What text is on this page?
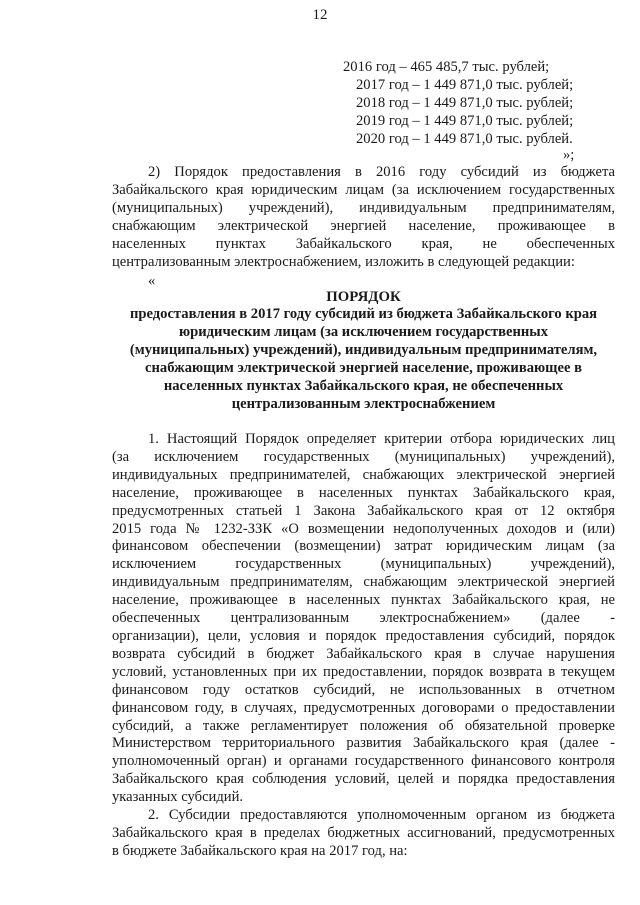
12
2016 год – 465 485,7 тыс. рублей;
2017 год – 1 449 871,0 тыс. рублей;
2018 год – 1 449 871,0 тыс. рублей;
2019 год – 1 449 871,0 тыс. рублей;
2020 год – 1 449 871,0 тыс. рублей.
»;
2) Порядок предоставления в 2016 году субсидий из бюджета
Забайкальского края юридическим лицам (за исключением государственных
(муниципальных) учреждений), индивидуальным предпринимателям,
снабжающим электрической энергией население, проживающее в
населенных пунктах Забайкальского края, не обеспеченных
централизованным электроснабжением, изложить в следующей редакции:
«
ПОРЯДОК
предоставления в 2017 году субсидий из бюджета Забайкальского края
юридическим лицам (за исключением государственных
(муниципальных) учреждений), индивидуальным предпринимателям,
снабжающим электрической энергией население, проживающее в
населенных пунктах Забайкальского края, не обеспеченных
централизованным электроснабжением
1. Настоящий Порядок определяет критерии отбора юридических лиц
(за исключением государственных (муниципальных) учреждений),
индивидуальных предпринимателей, снабжающих электрической энергией
население, проживающее в населенных пунктах Забайкальского края,
предусмотренных статьей 1 Закона Забайкальского края от 12 октября
2015 года № 1232-ЗЗК «О возмещении недополученных доходов и (или)
финансовом обеспечении (возмещении) затрат юридическим лицам (за
исключением государственных (муниципальных) учреждений),
индивидуальным предпринимателям, снабжающим электрической энергией
население, проживающее в населенных пунктах Забайкальского края, не
обеспеченных централизованным электроснабжением» (далее -
организации), цели, условия и порядок предоставления субсидий, порядок
возврата субсидий в бюджет Забайкальского края в случае нарушения
условий, установленных при их предоставлении, порядок возврата в текущем
финансовом году остатков субсидий, не использованных в отчетном
финансовом году, в случаях, предусмотренных договорами о предоставлении
субсидий, а также регламентирует положения об обязательной проверке
Министерством территориального развития Забайкальского края (далее -
уполномоченный орган) и органами государственного финансового контроля
Забайкальского края соблюдения условий, целей и порядка предоставления
указанных субсидий.
2. Субсидии предоставляются уполномоченным органом из бюджета
Забайкальского края в пределах бюджетных ассигнований, предусмотренных
в бюджете Забайкальского края на 2017 год, на:
